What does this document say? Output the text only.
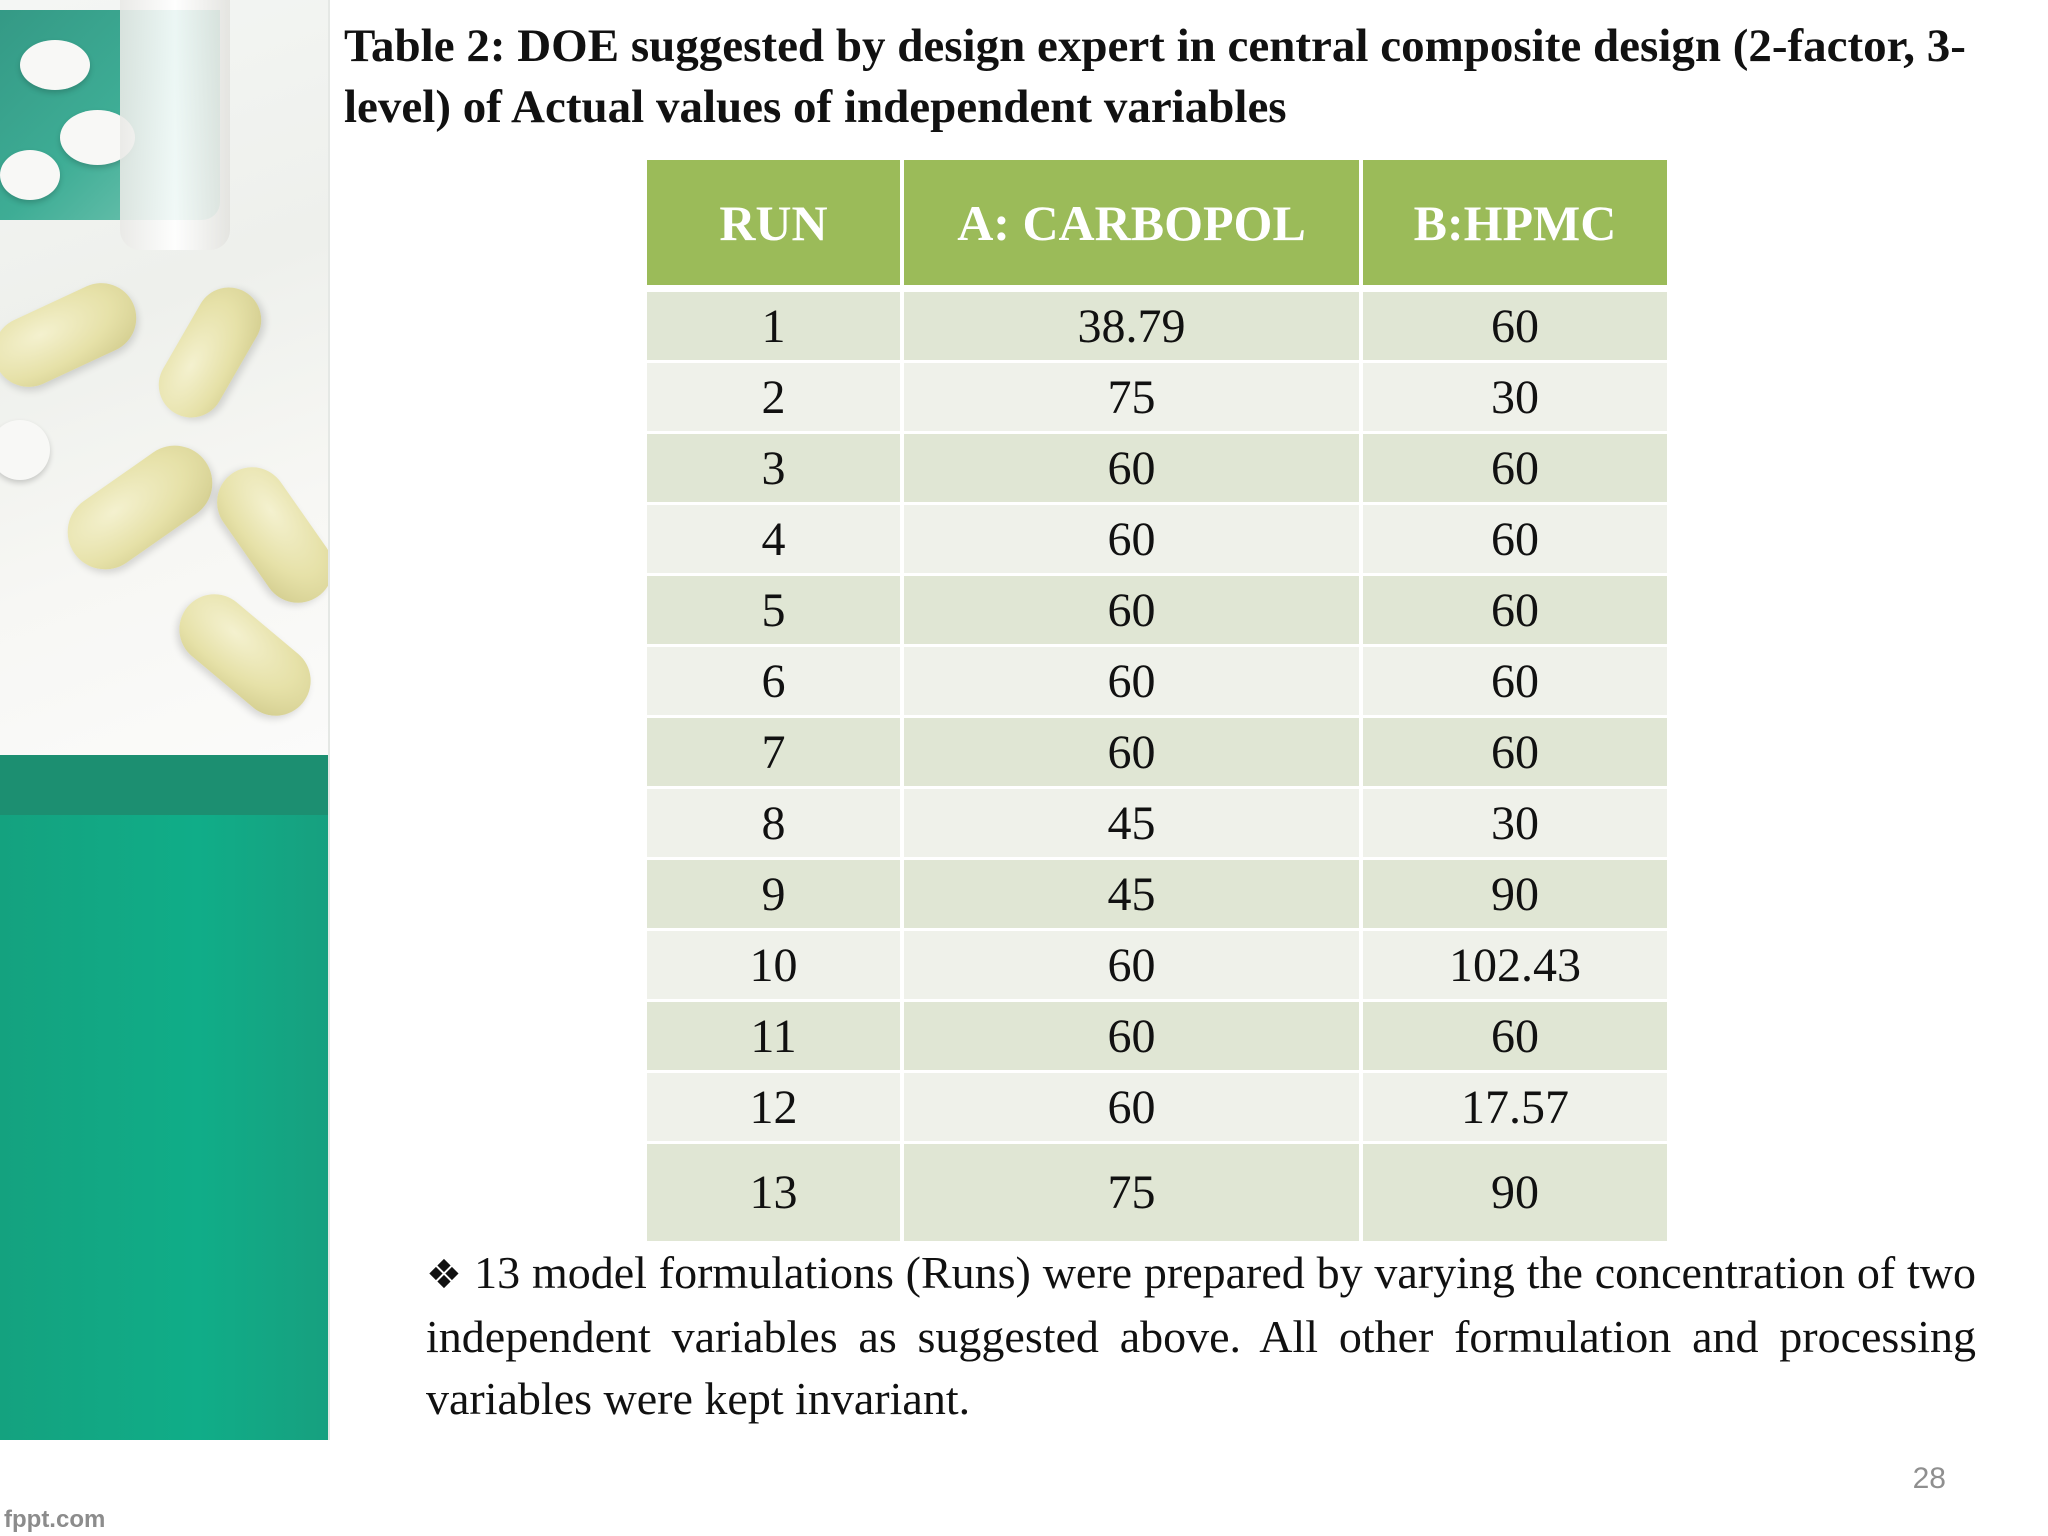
fppt.com
Table 2: DOE suggested by design expert in central composite design (2-factor, 3-level) of Actual values of independent variables
RUN	A: CARBOPOL	B:HPMC
1	38.79	60
2	75	30
3	60	60
4	60	60
5	60	60
6	60	60
7	60	60
8	45	30
9	45	90
10	60	102.43
11	60	60
12	60	17.57
13	75	90
❖ 13 model formulations (Runs) were prepared by varying the concentration of two independent variables as suggested above. All other formulation and processing variables were kept invariant.
28
